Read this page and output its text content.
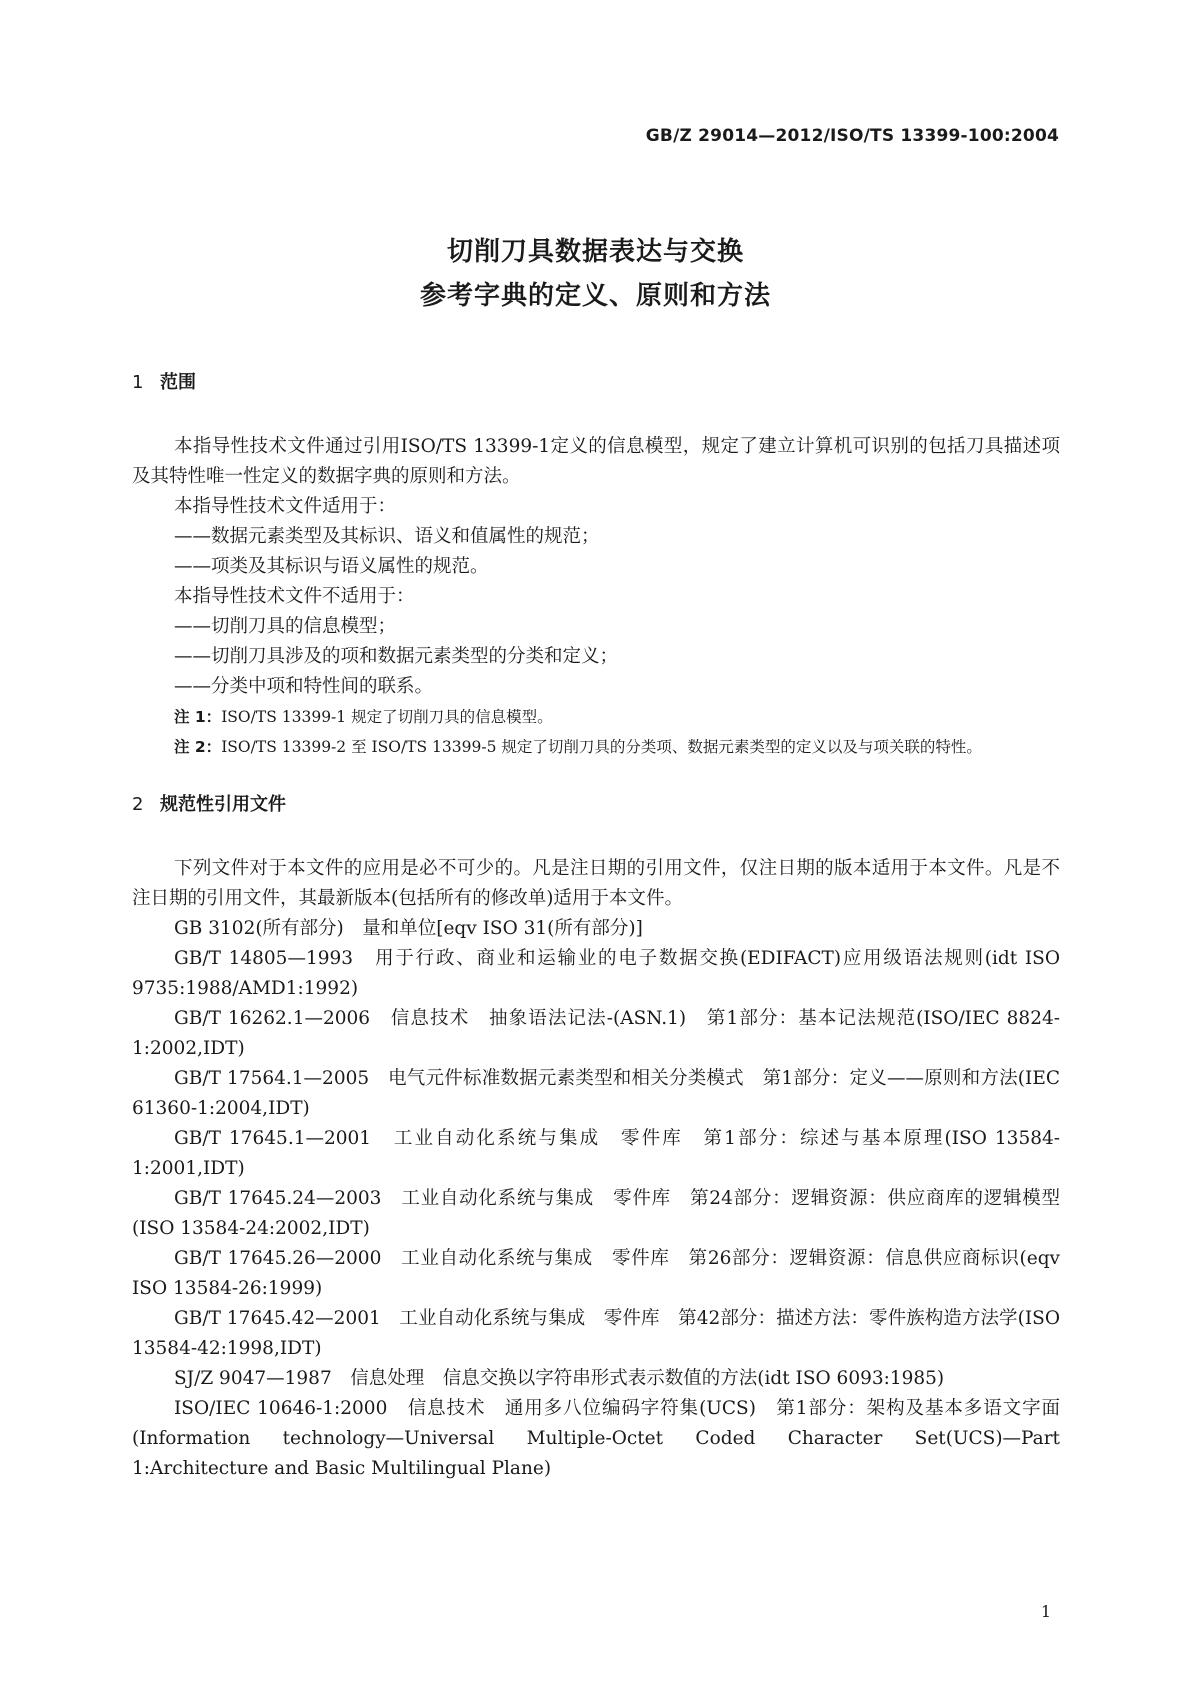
GB/Z 29014—2012/ISO/TS 13399-100:2004
切削刀具数据表达与交换
参考字典的定义、原则和方法
1 范围
本指导性技术文件通过引用ISO/TS 13399-1定义的信息模型，规定了建立计算机可识别的包括刀具描述项及其特性唯一性定义的数据字典的原则和方法。
本指导性技术文件适用于：
——数据元素类型及其标识、语义和值属性的规范；
——项类及其标识与语义属性的规范。
本指导性技术文件不适用于：
——切削刀具的信息模型；
——切削刀具涉及的项和数据元素类型的分类和定义；
——分类中项和特性间的联系。
注 1：ISO/TS 13399-1 规定了切削刀具的信息模型。
注 2：ISO/TS 13399-2 至 ISO/TS 13399-5 规定了切削刀具的分类项、数据元素类型的定义以及与项关联的特性。
2 规范性引用文件
下列文件对于本文件的应用是必不可少的。凡是注日期的引用文件，仅注日期的版本适用于本文件。凡是不注日期的引用文件，其最新版本(包括所有的修改单)适用于本文件。
GB 3102(所有部分)　量和单位[eqv ISO 31(所有部分)]
GB/T 14805—1993　用于行政、商业和运输业的电子数据交换(EDIFACT)应用级语法规则(idt ISO 9735:1988/AMD1:1992)
GB/T 16262.1—2006　信息技术　抽象语法记法-(ASN.1)　第1部分：基本记法规范(ISO/IEC 8824-1:2002,IDT)
GB/T 17564.1—2005　电气元件标准数据元素类型和相关分类模式　第1部分：定义——原则和方法(IEC 61360-1:2004,IDT)
GB/T 17645.1—2001　工业自动化系统与集成　零件库　第1部分：综述与基本原理(ISO 13584-1:2001,IDT)
GB/T 17645.24—2003　工业自动化系统与集成　零件库　第24部分：逻辑资源：供应商库的逻辑模型(ISO 13584-24:2002,IDT)
GB/T 17645.26—2000　工业自动化系统与集成　零件库　第26部分：逻辑资源：信息供应商标识(eqv ISO 13584-26:1999)
GB/T 17645.42—2001　工业自动化系统与集成　零件库　第42部分：描述方法：零件族构造方法学(ISO 13584-42:1998,IDT)
SJ/Z 9047—1987　信息处理　信息交换以字符串形式表示数值的方法(idt ISO 6093:1985)
ISO/IEC 10646-1:2000　信息技术　通用多八位编码字符集(UCS)　第1部分：架构及基本多语文字面(Information technology—Universal Multiple-Octet Coded Character Set(UCS)—Part 1:Architecture and Basic Multilingual Plane)
1
